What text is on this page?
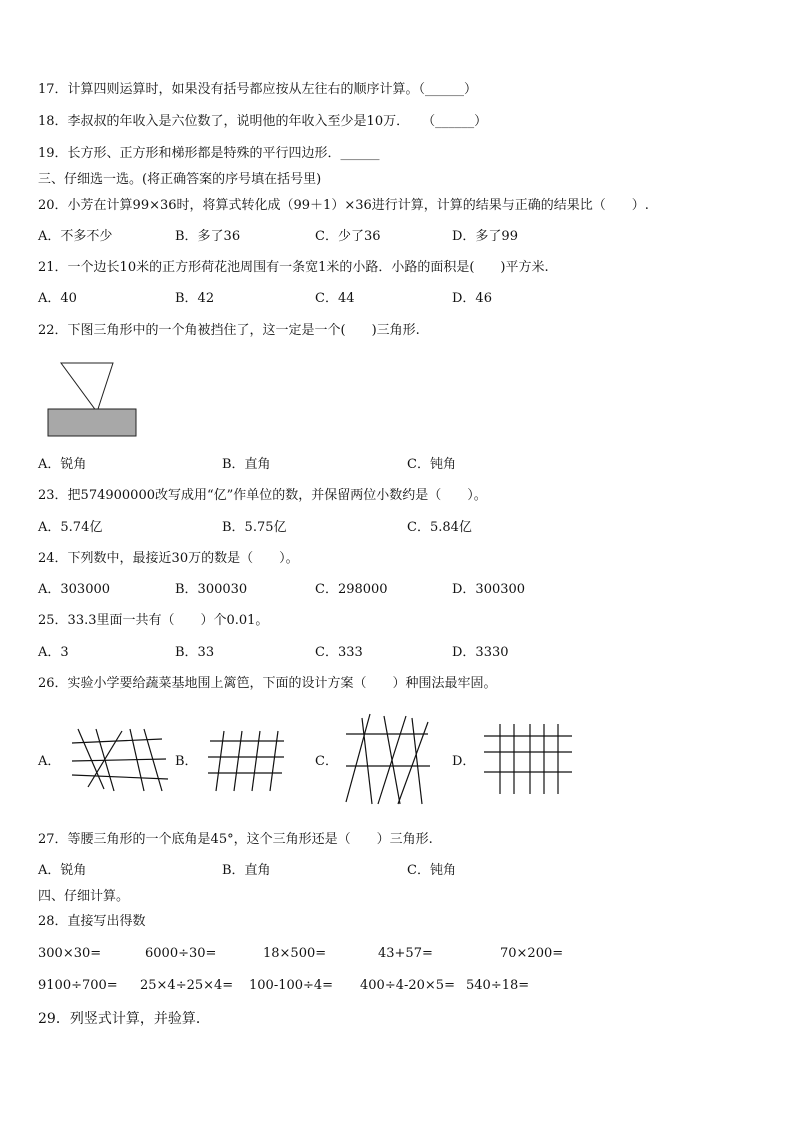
17．计算四则运算时，如果没有括号都应按从左往右的顺序计算。（______）
18．李叔叔的年收入是六位数了，说明他的年收入至少是10万．　　（______）
19．长方形、正方形和梯形都是特殊的平行四边形．______
三、仔细选一选。(将正确答案的序号填在括号里)
20．小芳在计算99×36时，将算式转化成（99＋1）×36进行计算，计算的结果与正确的结果比（　　）.
A．不多不少	B．多了36	C．少了36	D．多了99
21．一个边长10米的正方形荷花池周围有一条宽1米的小路．小路的面积是(　　)平方米.
A．40	B．42	C．44	D．46
22．下图三角形中的一个角被挡住了，这一定是一个(　　)三角形.
A．锐角	B．直角	C．钝角
23．把574900000改写成用“亿”作单位的数，并保留两位小数约是（　　）。
A．5.74亿	B．5.75亿	C．5.84亿
24．下列数中，最接近30万的数是（　　）。
A．303000	B．300030	C．298000	D．300300
25．33.3里面一共有（　　）个0.01。
A．3	B．33	C．333	D．3330
26．实验小学要给蔬菜基地围上篱笆，下面的设计方案（　　）种围法最牢固。
A．	B．	C．	D．
27．等腰三角形的一个底角是45°，这个三角形还是（　　）三角形.
A．锐角	B．直角	C．钝角
四、仔细计算。
28．直接写出得数
300×30=	6000÷30=	18×500=	43+57=	70×200=
9100÷700= 25×4÷25×4= 100-100÷4= 400÷4-20×5= 540÷18=
29．列竖式计算，并验算．
